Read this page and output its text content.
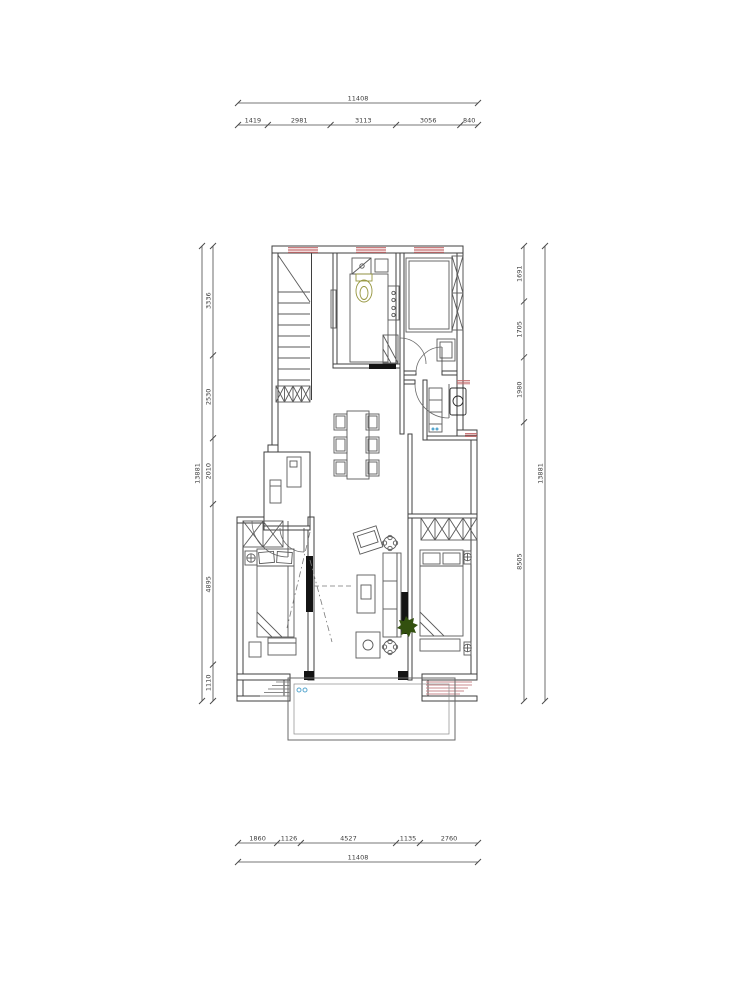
1419	2981	3113	3056	840
11408
1860 1126	4527	1135	2760
11408
3336
2530
2010
4895
1110
13881
1691
1705
1980
8505
13881
